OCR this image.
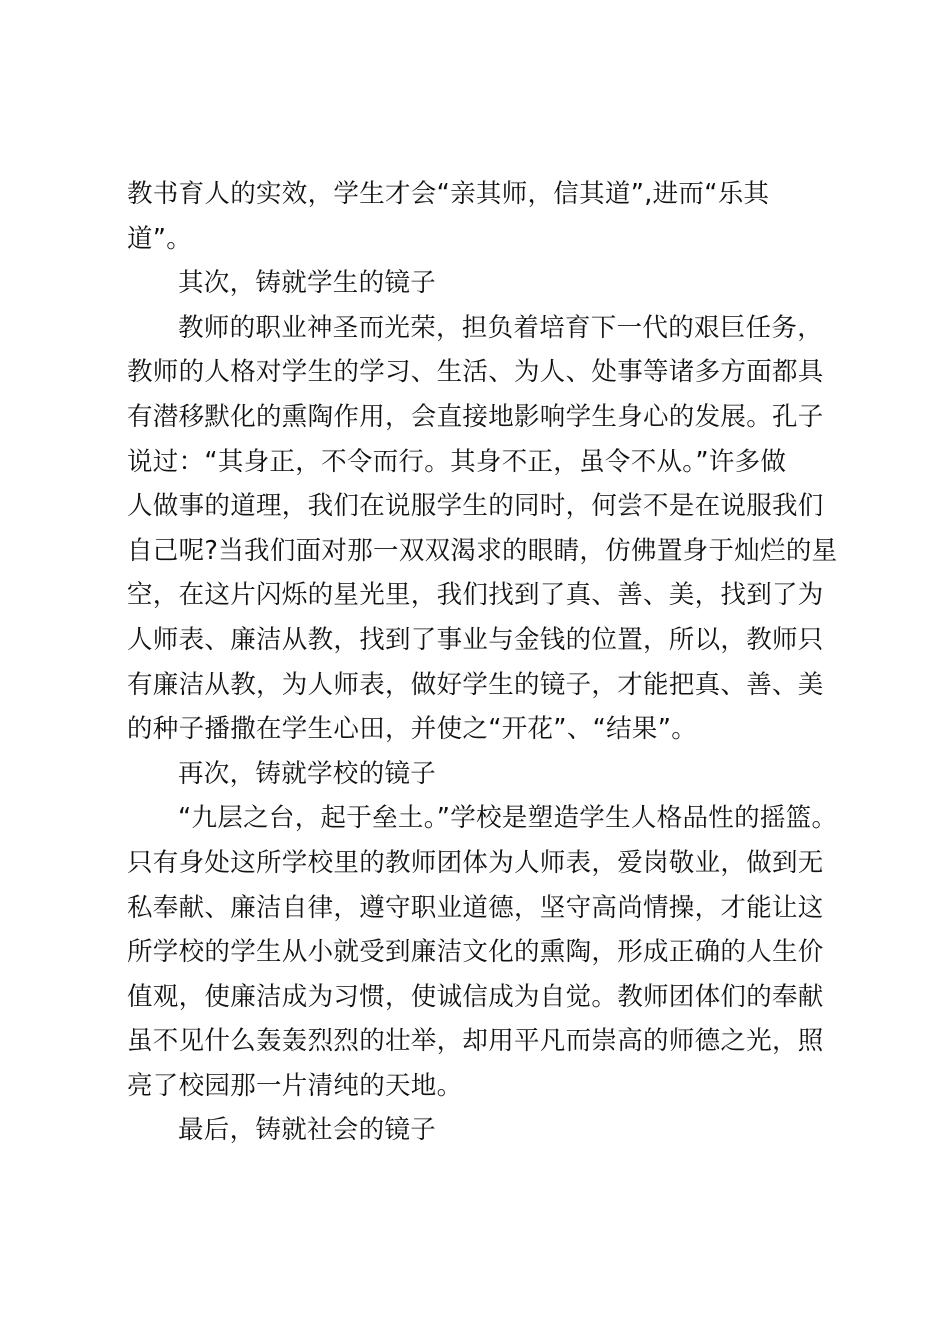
教书育人的实效，学生才会“亲其师，信其道”,进而“乐其
道”。
其次，铸就学生的镜子
教师的职业神圣而光荣，担负着培育下一代的艰巨任务，
教师的人格对学生的学习、生活、为人、处事等诸多方面都具
有潜移默化的熏陶作用，会直接地影响学生身心的发展。孔子
说过：“其身正，不令而行。其身不正，虽令不从。”许多做
人做事的道理，我们在说服学生的同时，何尝不是在说服我们
自己呢?当我们面对那一双双渴求的眼睛，仿佛置身于灿烂的星
空，在这片闪烁的星光里，我们找到了真、善、美，找到了为
人师表、廉洁从教，找到了事业与金钱的位置，所以，教师只
有廉洁从教，为人师表，做好学生的镜子，才能把真、善、美
的种子播撒在学生心田，并使之“开花”、“结果”。
再次，铸就学校的镜子
“九层之台，起于垒土。”学校是塑造学生人格品性的摇篮。
只有身处这所学校里的教师团体为人师表，爱岗敬业，做到无
私奉献、廉洁自律，遵守职业道德，坚守高尚情操，才能让这
所学校的学生从小就受到廉洁文化的熏陶，形成正确的人生价
值观，使廉洁成为习惯，使诚信成为自觉。教师团体们的奉献
虽不见什么轰轰烈烈的壮举，却用平凡而崇高的师德之光，照
亮了校园那一片清纯的天地。
最后，铸就社会的镜子
